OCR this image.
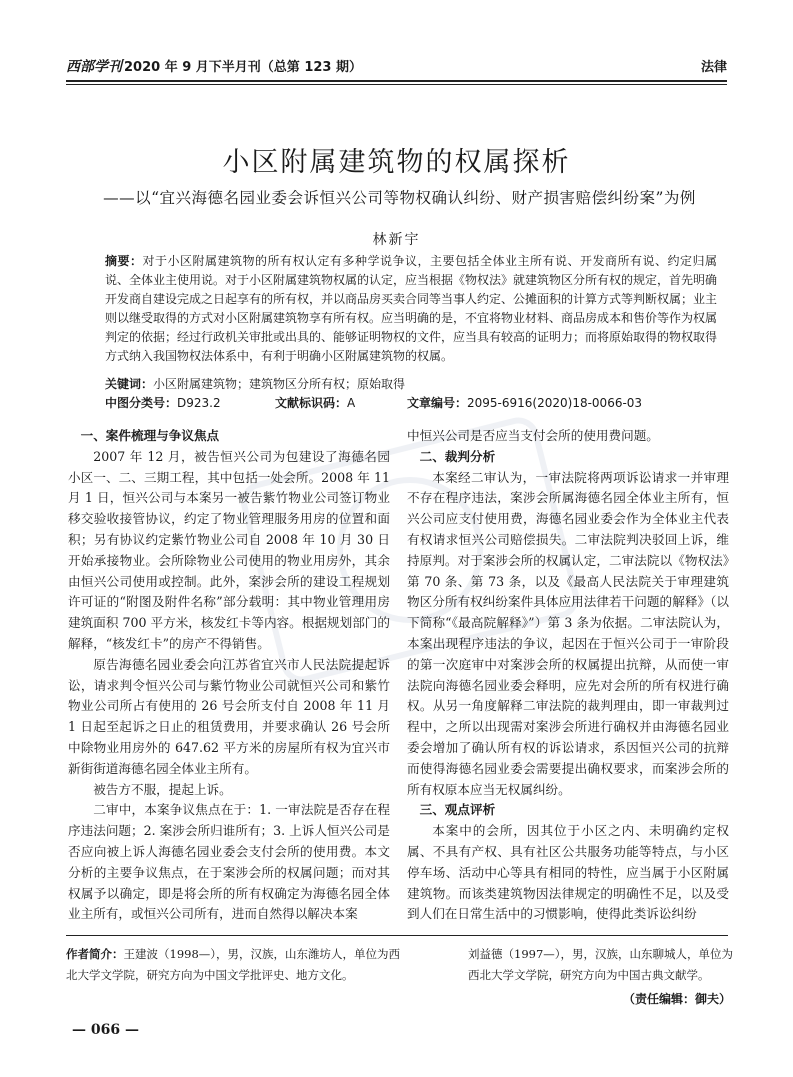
西部学刊 2020 年 9 月下半月刊（总第 123 期）	法律
小区附属建筑物的权属探析
——以“宜兴海德名园业委会诉恒兴公司等物权确认纠纷、财产损害赔偿纠纷案”为例
林新宇
摘要：对于小区附属建筑物的所有权认定有多种学说争议，主要包括全体业主所有说、开发商所有说、约定归属说、全体业主使用说。对于小区附属建筑物权属的认定，应当根据《物权法》就建筑物区分所有权的规定，首先明确开发商自建设完成之日起享有的所有权，并以商品房买卖合同等当事人约定、公摊面积的计算方式等判断权属；业主则以继受取得的方式对小区附属建筑物享有所有权。应当明确的是，不宜将物业材料、商品房成本和售价等作为权属判定的依据；经过行政机关审批或出具的、能够证明物权的文件，应当具有较高的证明力；而将原始取得的物权取得方式纳入我国物权法体系中，有利于明确小区附属建筑物的权属。
关键词：小区附属建筑物；建筑物区分所有权；原始取得
中图分类号：D923.2	文献标识码：A	文章编号：2095-6916(2020)18-0066-03
一、案件梳理与争议焦点

2007 年 12 月，被告恒兴公司为包建设了海德名园小区一、二、三期工程，其中包括一处会所。2008 年 11 月 1 日，恒兴公司与本案另一被告紫竹物业公司签订物业移交验收接管协议，约定了物业管理服务用房的位置和面积；另有协议约定紫竹物业公司自 2008 年 10 月 30 日开始承接物业。会所除物业公司使用的物业用房外，其余由恒兴公司使用或控制。此外，案涉会所的建设工程规划许可证的“附图及附件名称”部分载明：其中物业管理用房建筑面积 700 平方米，核发红卡等内容。根据规划部门的解释，“核发红卡”的房产不得销售。

原告海德名园业委会向江苏省宜兴市人民法院提起诉讼，请求判令恒兴公司与紫竹物业公司就恒兴公司和紫竹物业公司所占有使用的 26 号会所支付自 2008 年 11 月 1 日起至起诉之日止的租赁费用，并要求确认 26 号会所中除物业用房外的 647.62 平方米的房屋所有权为宜兴市新街街道海德名园全体业主所有。

被告方不服，提起上诉。

二审中，本案争议焦点在于：1. 一审法院是否存在程序违法问题；2. 案涉会所归谁所有；3. 上诉人恒兴公司是否应向被上诉人海德名园业委会支付会所的使用费。本文分析的主要争议焦点，在于案涉会所的权属问题；而对其权属予以确定，即是将会所的所有权确定为海德名园全体业主所有，或恒兴公司所有，进而自然得以解决本案

中恒兴公司是否应当支付会所的使用费问题。

二、裁判分析

本案经二审认为，一审法院将两项诉讼请求一并审理不存在程序违法，案涉会所属海德名园全体业主所有，恒兴公司应支付使用费，海德名园业委会作为全体业主代表有权请求恒兴公司赔偿损失。二审法院判决驳回上诉，维持原判。对于案涉会所的权属认定，二审法院以《物权法》第 70 条、第 73 条，以及《最高人民法院关于审理建筑物区分所有权纠纷案件具体应用法律若干问题的解释》（以下简称“《最高院解释》”）第 3 条为依据。二审法院认为，本案出现程序违法的争议，起因在于恒兴公司于一审阶段的第一次庭审中对案涉会所的权属提出抗辩，从而使一审法院向海德名园业委会释明，应先对会所的所有权进行确权。从另一角度解释二审法院的裁判理由，即一审裁判过程中，之所以出现需对案涉会所进行确权并由海德名园业委会增加了确认所有权的诉讼请求，系因恒兴公司的抗辩而使得海德名园业委会需要提出确权要求，而案涉会所的所有权原本应当无权属纠纷。

三、观点评析

本案中的会所，因其位于小区之内、未明确约定权属、不具有产权、具有社区公共服务功能等特点，与小区停车场、活动中心等具有相同的特性，应当属于小区附属建筑物。而该类建筑物因法律规定的明确性不足，以及受到人们在日常生活中的习惯影响，使得此类诉讼纠纷

作者简介：王建波（1998—），男，汉族，山东潍坊人，单位为西北大学文学院，研究方向为中国文学批评史、地方文化。
刘益德（1997—），男，汉族，山东聊城人，单位为西北大学文学院，研究方向为中国古典文献学。
（责任编辑：御夫）
— 066 —
